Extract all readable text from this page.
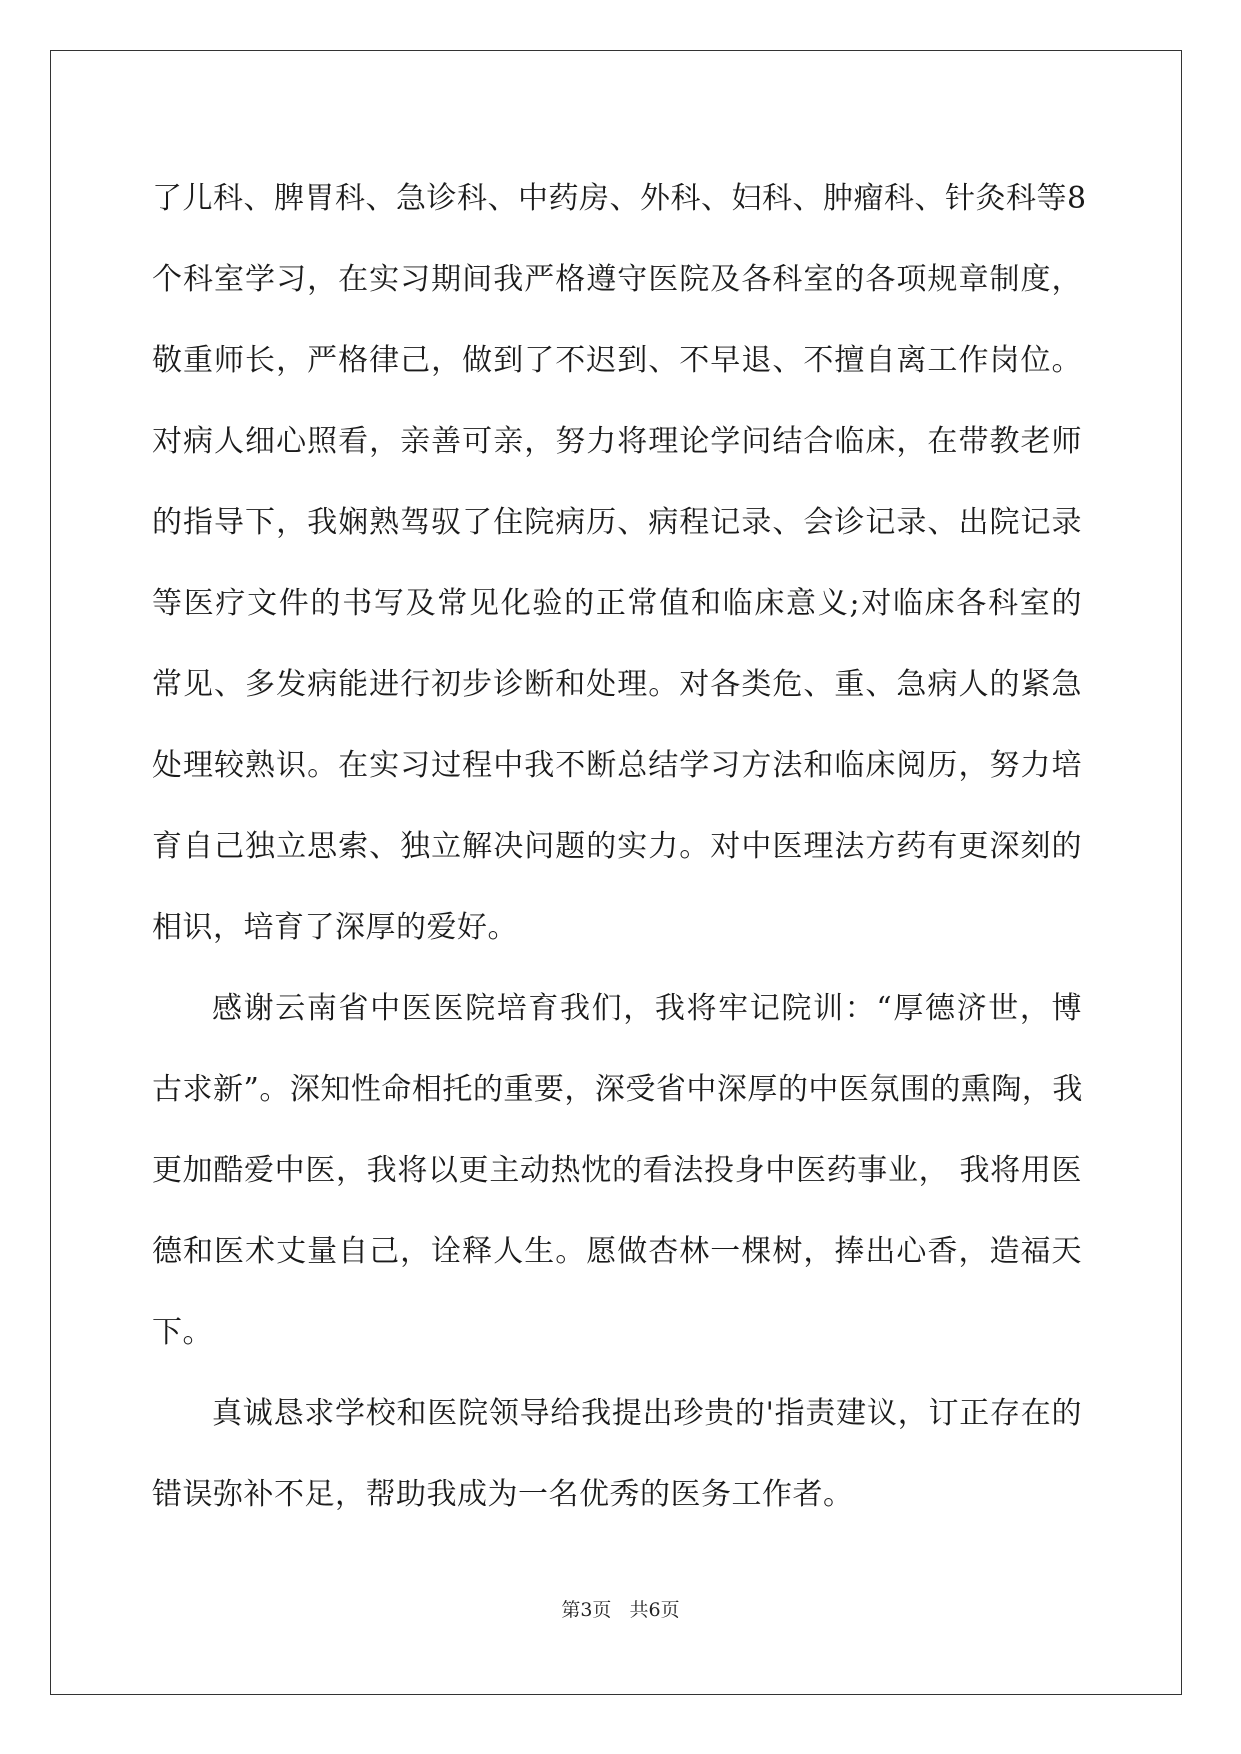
了儿科、脾胃科、急诊科、中药房、外科、妇科、肿瘤科、针灸科等8
个科室学习，在实习期间我严格遵守医院及各科室的各项规章制度，
敬重师长，严格律己，做到了不迟到、不早退、不擅自离工作岗位。
对病人细心照看，亲善可亲，努力将理论学问结合临床，在带教老师
的指导下，我娴熟驾驭了住院病历、病程记录、会诊记录、出院记录
等医疗文件的书写及常见化验的正常值和临床意义;对临床各科室的
常见、多发病能进行初步诊断和处理。对各类危、重、急病人的紧急
处理较熟识。在实习过程中我不断总结学习方法和临床阅历，努力培
育自己独立思索、独立解决问题的实力。对中医理法方药有更深刻的
相识，培育了深厚的爱好。
感谢云南省中医医院培育我们，我将牢记院训：“厚德济世，博
古求新”。深知性命相托的重要，深受省中深厚的中医氛围的熏陶，我
更加酷爱中医，我将以更主动热忱的看法投身中医药事业， 我将用医
德和医术丈量自己，诠释人生。愿做杏林一棵树，捧出心香，造福天
下。
真诚恳求学校和医院领导给我提出珍贵的'指责建议，订正存在的
错误弥补不足，帮助我成为一名优秀的医务工作者。
第3页   共6页
